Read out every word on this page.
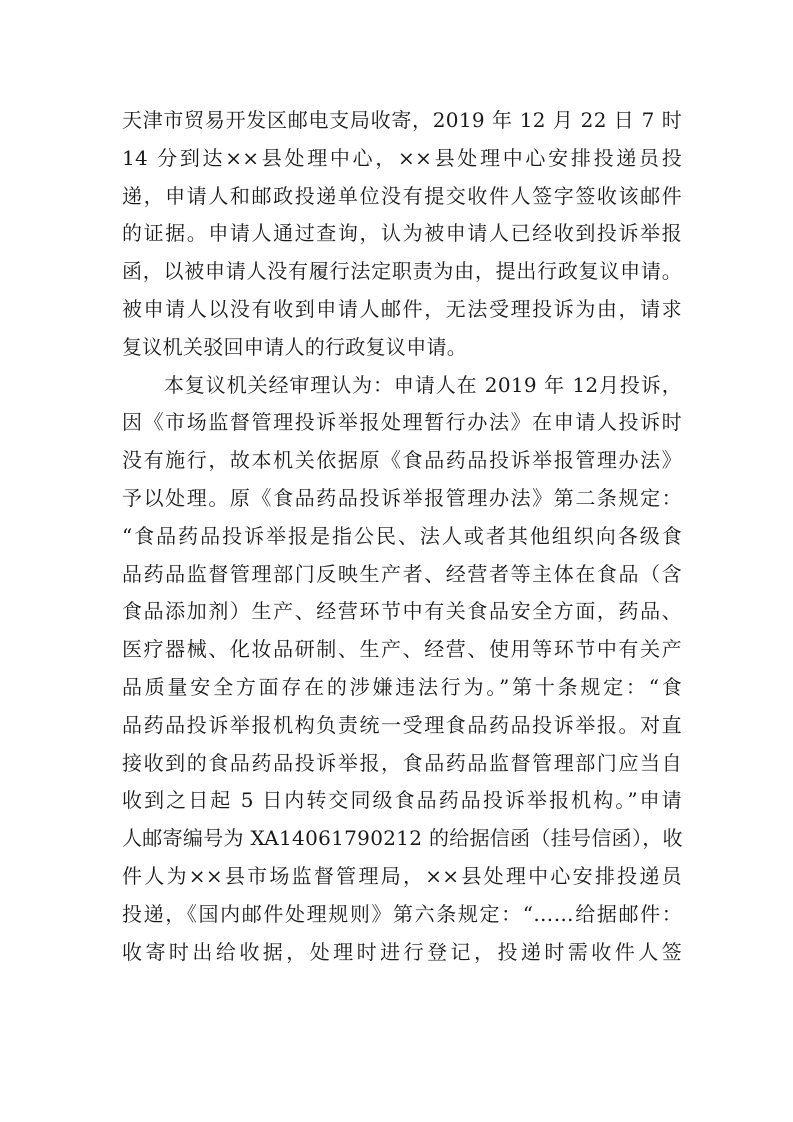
天津市贸易开发区邮电支局收寄，2019 年 12 月 22 日 7 时
14 分到达××县处理中心，××县处理中心安排投递员投
递，申请人和邮政投递单位没有提交收件人签字签收该邮件
的证据。申请人通过查询，认为被申请人已经收到投诉举报
函，以被申请人没有履行法定职责为由，提出行政复议申请。
被申请人以没有收到申请人邮件，无法受理投诉为由，请求
复议机关驳回申请人的行政复议申请。
本复议机关经审理认为：申请人在 2019 年 12月投诉，
因《市场监督管理投诉举报处理暂行办法》在申请人投诉时
没有施行，故本机关依据原《食品药品投诉举报管理办法》
予以处理。原《食品药品投诉举报管理办法》第二条规定：
“食品药品投诉举报是指公民、法人或者其他组织向各级食
品药品监督管理部门反映生产者、经营者等主体在食品（含
食品添加剂）生产、经营环节中有关食品安全方面，药品、
医疗器械、化妆品研制、生产、经营、使用等环节中有关产
品质量安全方面存在的涉嫌违法行为。”第十条规定：“食
品药品投诉举报机构负责统一受理食品药品投诉举报。对直
接收到的食品药品投诉举报，食品药品监督管理部门应当自
收到之日起 5 日内转交同级食品药品投诉举报机构。”申请
人邮寄编号为 XA14061790212 的给据信函（挂号信函），收
件人为××县市场监督管理局，××县处理中心安排投递员
投递，《国内邮件处理规则》第六条规定：“……给据邮件：
收寄时出给收据，处理时进行登记，投递时需收件人签
